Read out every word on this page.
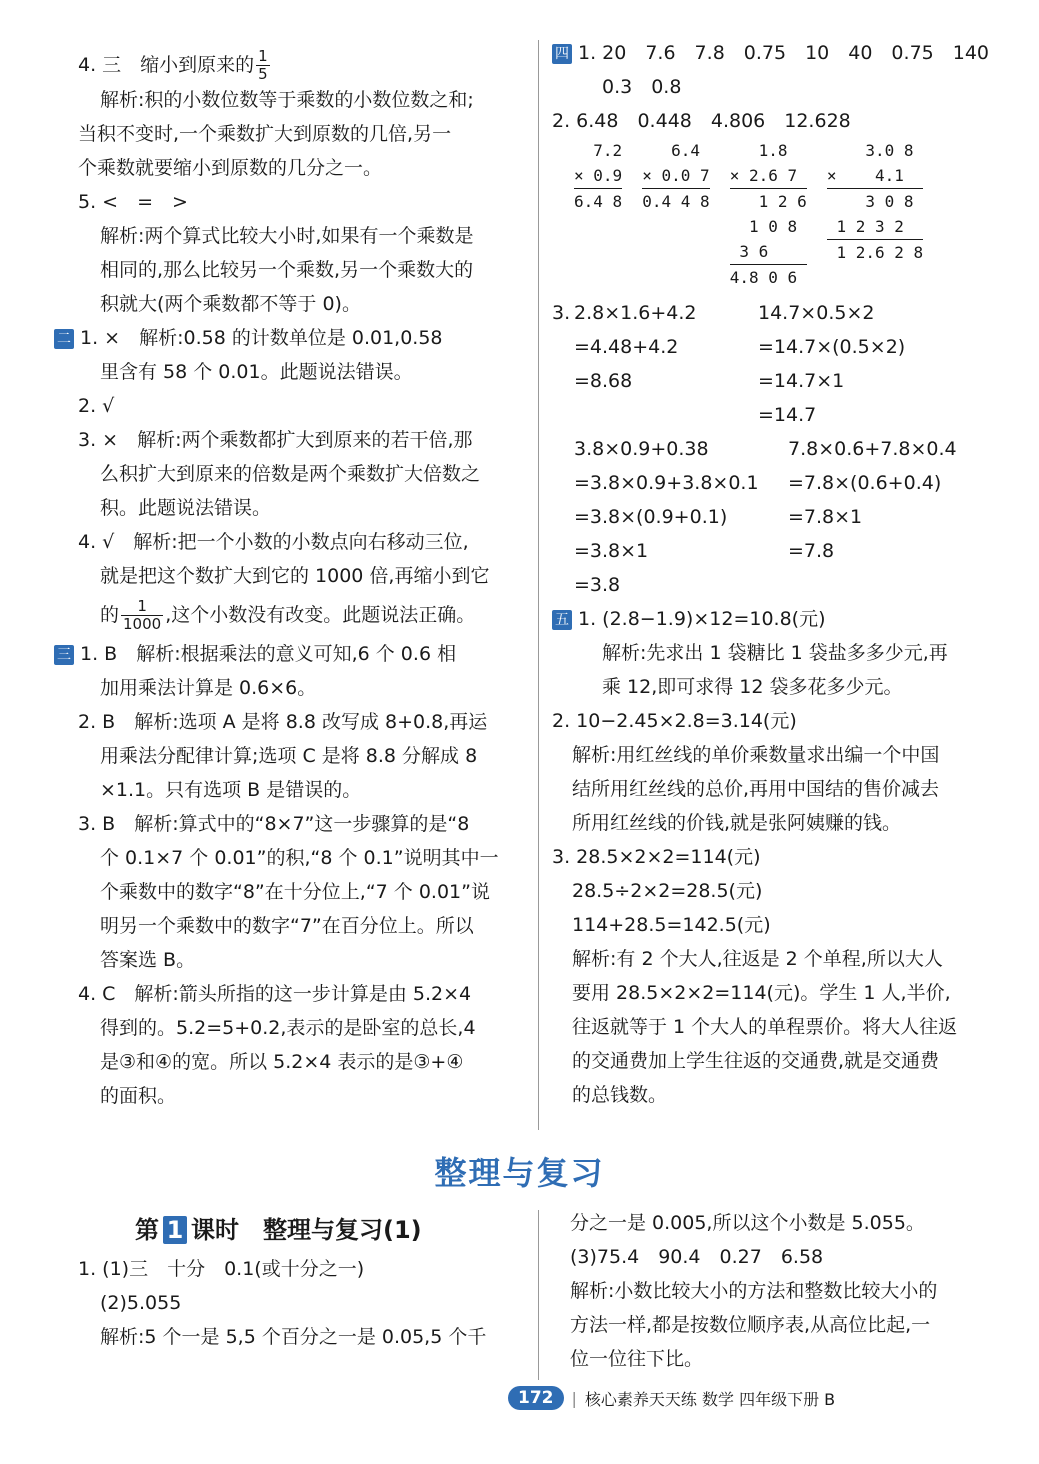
4. 三　缩小到原来的 $\frac{1}{5}$

解析:积的小数位数等于乘数的小数位数之和;

当积不变时,一个乘数扩大到原数的几倍,另一

个乘数就要缩小到原数的几分之一。

5. <　=　>

解析:两个算式比较大小时,如果有一个乘数是

相同的,那么比较另一个乘数,另一个乘数大的

积就大(两个乘数都不等于 0)。

二 1. ×　解析:0.58 的计数单位是 0.01,0.58

里含有 58 个 0.01。此题说法错误。

2. √

3. ×　解析:两个乘数都扩大到原来的若干倍,那

么积扩大到原来的倍数是两个乘数扩大倍数之

积。此题说法错误。

4. √　解析:把一个小数的小数点向右移动三位,

就是把这个数扩大到它的 1000 倍,再缩小到它

的 $\frac{1}{1000}$ ,这个小数没有改变。此题说法正确。

三 1. B　解析:根据乘法的意义可知,6 个 0.6 相

加用乘法计算是 0.6×6。

2. B　解析:选项 A 是将 8.8 改写成 8+0.8,再运

用乘法分配律计算;选项 C 是将 8.8 分解成 8

×1.1。只有选项 B 是错误的。

3. B　解析:算式中的“8×7”这一步骤算的是“8

个 0.1×7 个 0.01”的积,“8 个 0.1”说明其中一

个乘数中的数字“8”在十分位上,“7 个 0.01”说

明另一个乘数中的数字“7”在百分位上。所以

答案选 B。

4. C　解析:箭头所指的这一步计算是由 5.2×4

得到的。5.2=5+0.2,表示的是卧室的总长,4

是③和④的宽。所以 5.2×4 表示的是③+④

的面积。

四 1. 20　7.6　7.8　0.75　10　40　0.75　140

0.3　0.8

2. 6.48　0.448　4.806　12.628

7.2
× 0.9
6.4 8

6.4
× 0.0 7
0.4 4 8

1.8
× 2.6 7
1 2 6
1 0 8
3 6
4.8 0 6

3.0 8
×    4.1
3 0 8
1 2 3 2
1 2.6 2 8
3. 2.8×1.6+4.2
=4.48+4.2
=8.68
14.7×0.5×2
=14.7×(0.5×2)
=14.7×1
=14.7
3.8×0.9+0.38
=3.8×0.9+3.8×0.1
=3.8×(0.9+0.1)
=3.8×1
=3.8
7.8×0.6+7.8×0.4
=7.8×(0.6+0.4)
=7.8×1
=7.8

五 1. (2.8−1.9)×12=10.8(元)

解析:先求出 1 袋糖比 1 袋盐多多少元,再

乘 12,即可求得 12 袋多花多少元。

2. 10−2.45×2.8=3.14(元)

解析:用红丝线的单价乘数量求出编一个中国

结所用红丝线的总价,再用中国结的售价减去

所用红丝线的价钱,就是张阿姨赚的钱。

3. 28.5×2×2=114(元)

28.5÷2×2=28.5(元)

114+28.5=142.5(元)

解析:有 2 个大人,往返是 2 个单程,所以大人

要用 28.5×2×2=114(元)。学生 1 人,半价,

往返就等于 1 个大人的单程票价。将大人往返

的交通费加上学生往返的交通费,就是交通费

的总钱数。

整理与复习
第 1 课时　整理与复习(1)

1. (1)三　十分　0.1(或十分之一)

(2)5.055

解析:5 个一是 5,5 个百分之一是 0.05,5 个千

分之一是 0.005,所以这个小数是 5.055。

(3)75.4　90.4　0.27　6.58

解析:小数比较大小的方法和整数比较大小的

方法一样,都是按数位顺序表,从高位比起,一

位一位往下比。

172	| 核心素养天天练 数学 四年级下册 B
